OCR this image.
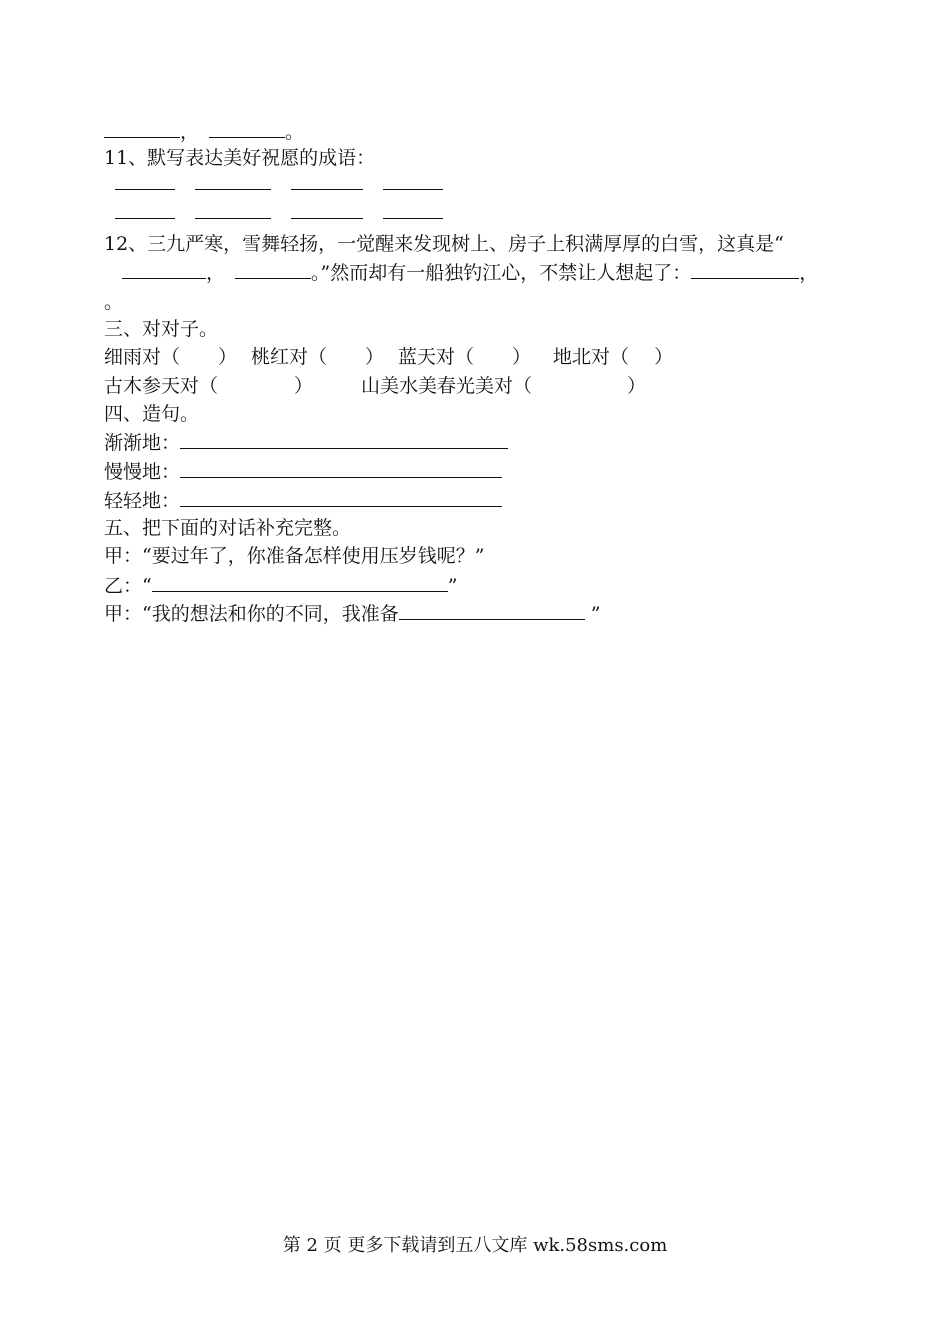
，	。
11、默写表达美好祝愿的成语：
12、三九严寒，雪舞轻扬，一觉醒来发现树上、房子上积满厚厚的白雪，这真是“
，	。”然而却有一船独钓江心，不禁让人想起了：	，
。
三、对对子。
细雨对（　　） 桃红对（　　） 蓝天对（　　） 地北对（　 ）
古木参天对（　　　　）	山美水美春光美对（　　　　　）
四、造句。
渐渐地：
慢慢地：
轻轻地：
五、把下面的对话补充完整。
甲：“要过年了，你准备怎样使用压岁钱呢？”
乙：“	”
甲：“我的想法和你的不同，我准备	”
第 2 页 更多下载请到五八文库 wk.58sms.com
